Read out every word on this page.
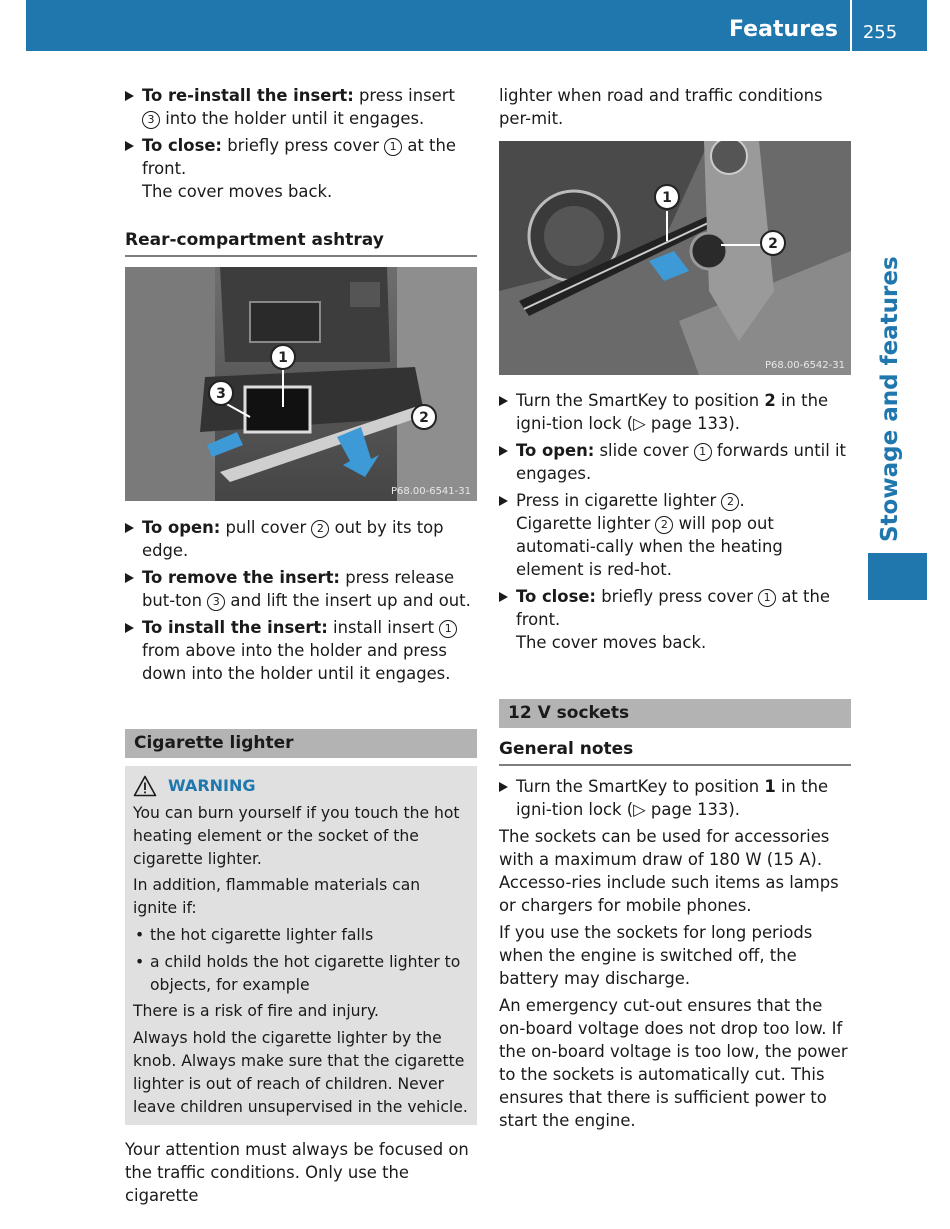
Features	255
Stowage and features

To re-install the insert: press insert 3 into the holder until it engages.

To close: briefly press cover 1 at the front.
The cover moves back.

Rear-compartment ashtray
1
2
3
P68.00-6541-31

To open: pull cover 2 out by its top edge.

To remove the insert: press release but-ton 3 and lift the insert up and out.

To install the insert: install insert 1 from above into the holder and press down into the holder until it engages.

Cigarette lighter
WARNING

You can burn yourself if you touch the hot heating element or the socket of the cigarette lighter.

In addition, flammable materials can ignite if:

• the hot cigarette lighter falls

• a child holds the hot cigarette lighter to objects, for example

There is a risk of fire and injury.

Always hold the cigarette lighter by the knob. Always make sure that the cigarette lighter is out of reach of children. Never leave children unsupervised in the vehicle.

Your attention must always be focused on the traffic conditions. Only use the cigarette

lighter when road and traffic conditions per-mit.

1
2
P68.00-6542-31

Turn the SmartKey to position 2 in the igni-tion lock (▷ page 133).

To open: slide cover 1 forwards until it engages.

Press in cigarette lighter 2 .
Cigarette lighter 2 will pop out automati-cally when the heating element is red-hot.

To close: briefly press cover 1 at the front.
The cover moves back.

12 V sockets
General notes

Turn the SmartKey to position 1 in the igni-tion lock (▷ page 133).

The sockets can be used for accessories with a maximum draw of 180 W (15 A). Accesso-ries include such items as lamps or chargers for mobile phones.

If you use the sockets for long periods when the engine is switched off, the battery may discharge.

An emergency cut-out ensures that the on-board voltage does not drop too low. If the on-board voltage is too low, the power to the sockets is automatically cut. This ensures that there is sufficient power to start the engine.
